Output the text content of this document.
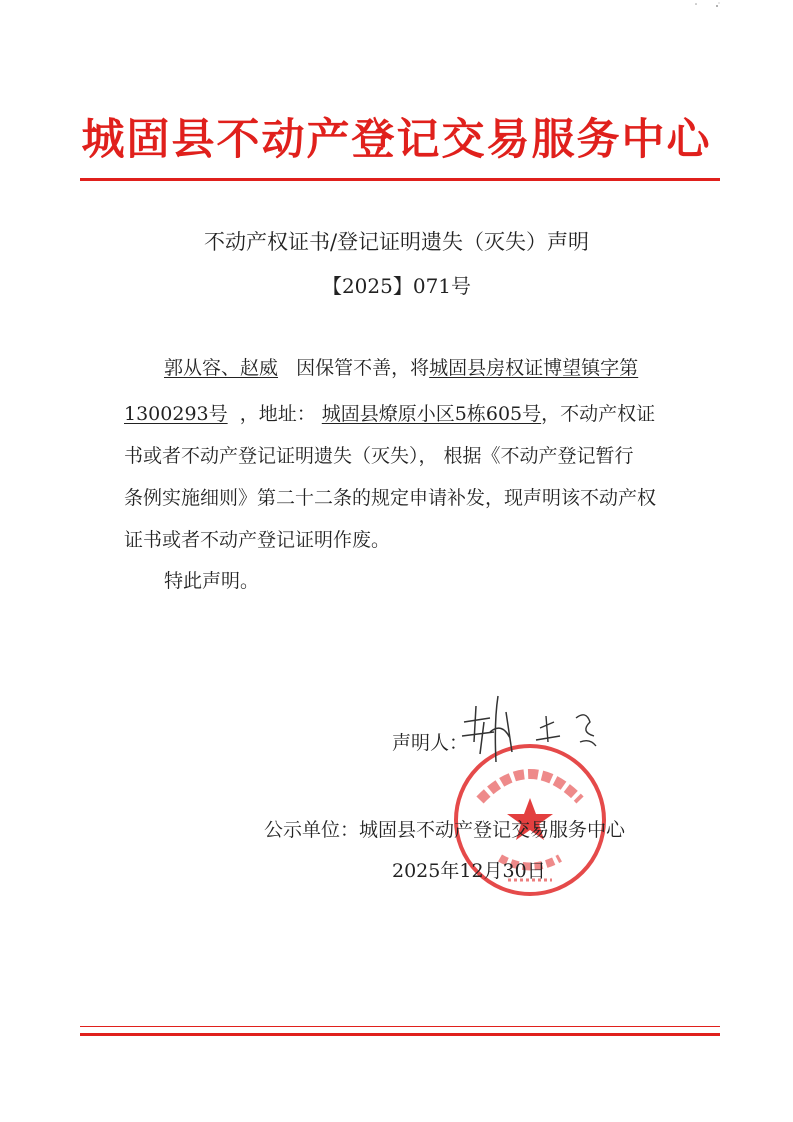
城固县不动产登记交易服务中心
不动产权证书/登记证明遗失（灭失）声明
【2025】071号
郭从容、赵威 因保管不善，将城固县房权证博望镇字第
1300293号 ，地址： 城固县燎原小区5栋605号，不动产权证
书或者不动产登记证明遗失（灭失）， 根据《不动产登记暂行
条例实施细则》第二十二条的规定申请补发，现声明该不动产权
证书或者不动产登记证明作废。
特此声明。
声明人：
公示单位：城固县不动产登记交易服务中心
2025年12月30日
